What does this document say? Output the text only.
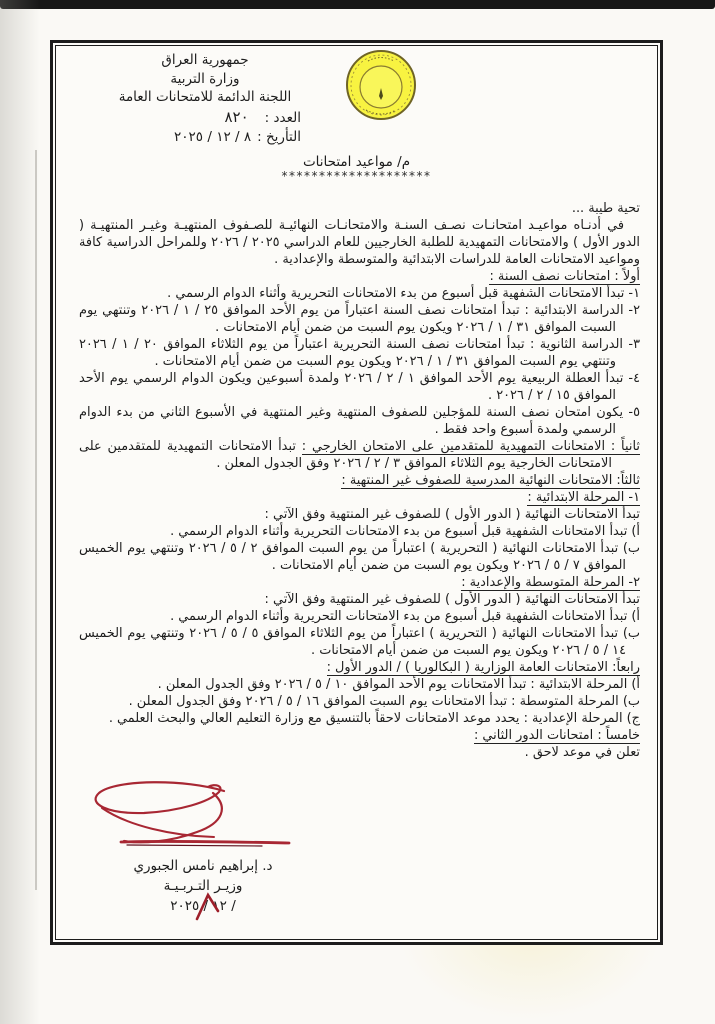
جمهورية العراق
وزارة التربية
اللجنة الدائمة للامتحانات العامة
العدد :٨٢٠
التأريخ :٨ / ١٢ / ٢٠٢٥
م/ مواعيد امتحانات
********************

تحية طيبة ...

في أدنـاه مواعيـد امتحانـات نصـف السنـة والامتحانـات النهائيـة للصـفوف المنتهيـة وغيـر المنتهيـة ( الدور الأول ) والامتحانات التمهيدية للطلبة الخارجيين للعام الدراسي ٢٠٢٥ / ٢٠٢٦ وللمراحل الدراسية كافة ومواعيد الامتحانات العامة للدراسات الابتدائية والمتوسطة والإعدادية .

أولاً : امتحانات نصف السنة :

١- تبدأ الامتحانات الشفهية قبل أسبوع من بدء الامتحانات التحريرية وأثناء الدوام الرسمي .

٢- الدراسة الابتدائية : تبدأ امتحانات نصف السنة اعتباراً من يوم الأحد الموافق ٢٥ / ١ / ٢٠٢٦ وتنتهي يوم السبت الموافق ٣١ / ١ / ٢٠٢٦ ويكون يوم السبت من ضمن أيام الامتحانات .

٣- الدراسة الثانوية : تبدأ امتحانات نصف السنة التحريرية اعتباراً من يوم الثلاثاء الموافق ٢٠ / ١ / ٢٠٢٦ وتنتهي يوم السبت الموافق ٣١ / ١ / ٢٠٢٦ ويكون يوم السبت من ضمن أيام الامتحانات .

٤- تبدأ العطلة الربيعية يوم الأحد الموافق ١ / ٢ / ٢٠٢٦ ولمدة أسبوعين ويكون الدوام الرسمي يوم الأحد الموافق ١٥ / ٢ / ٢٠٢٦ .

٥- يكون امتحان نصف السنة للمؤجلين للصفوف المنتهية وغير المنتهية في الأسبوع الثاني من بدء الدوام الرسمي ولمدة أسبوع واحد فقط .

ثانياً : الامتحانات التمهيدية للمتقدمين على الامتحان الخارجي : تبدأ الامتحانات التمهيدية للمتقدمين على الامتحانات الخارجية يوم الثلاثاء الموافق ٣ / ٢ / ٢٠٢٦ وفق الجدول المعلن .

ثالثاً: الامتحانات النهائية المدرسية للصفوف غير المنتهية :

١- المرحلة الابتدائية :

تبدأ الامتحانات النهائية ( الدور الأول ) للصفوف غير المنتهية وفق الآتي :

أ) تبدأ الامتحانات الشفهية قبل أسبوع من بدء الامتحانات التحريرية وأثناء الدوام الرسمي .

ب) تبدأ الامتحانات النهائية ( التحريرية ) اعتباراً من يوم السبت الموافق ٢ / ٥ / ٢٠٢٦ وتنتهي يوم الخميس الموافق ٧ / ٥ / ٢٠٢٦ ويكون يوم السبت من ضمن أيام الامتحانات .

٢- المرحلة المتوسطة والإعدادية :

تبدأ الامتحانات النهائية ( الدور الأول ) للصفوف غير المنتهية وفق الآتي :

أ) تبدأ الامتحانات الشفهية قبل أسبوع من بدء الامتحانات التحريرية وأثناء الدوام الرسمي .

ب) تبدأ الامتحانات النهائية ( التحريرية ) اعتباراً من يوم الثلاثاء الموافق ٥ / ٥ / ٢٠٢٦ وتنتهي يوم الخميس ١٤ / ٥ / ٢٠٢٦ ويكون يوم السبت من ضمن أيام الامتحانات .

رابعاً: الامتحانات العامة الوزارية ( البكالوريا ) / الدور الأول :

أ) المرحلة الابتدائية : تبدأ الامتحانات يوم الأحد الموافق ١٠ / ٥ / ٢٠٢٦ وفق الجدول المعلن .

ب) المرحلة المتوسطة : تبدأ الامتحانات يوم السبت الموافق ١٦ / ٥ / ٢٠٢٦ وفق الجدول المعلن .

ج) المرحلة الإعدادية : يحدد موعد الامتحانات لاحقاً بالتنسيق مع وزارة التعليم العالي والبحث العلمي .

خامساً : امتحانات الدور الثاني :

تعلن في موعد لاحق .

د. إبراهيم نامس الجبوري
وزيـر التـربـيـة
/ ١٢ / ٢٠٢٥
